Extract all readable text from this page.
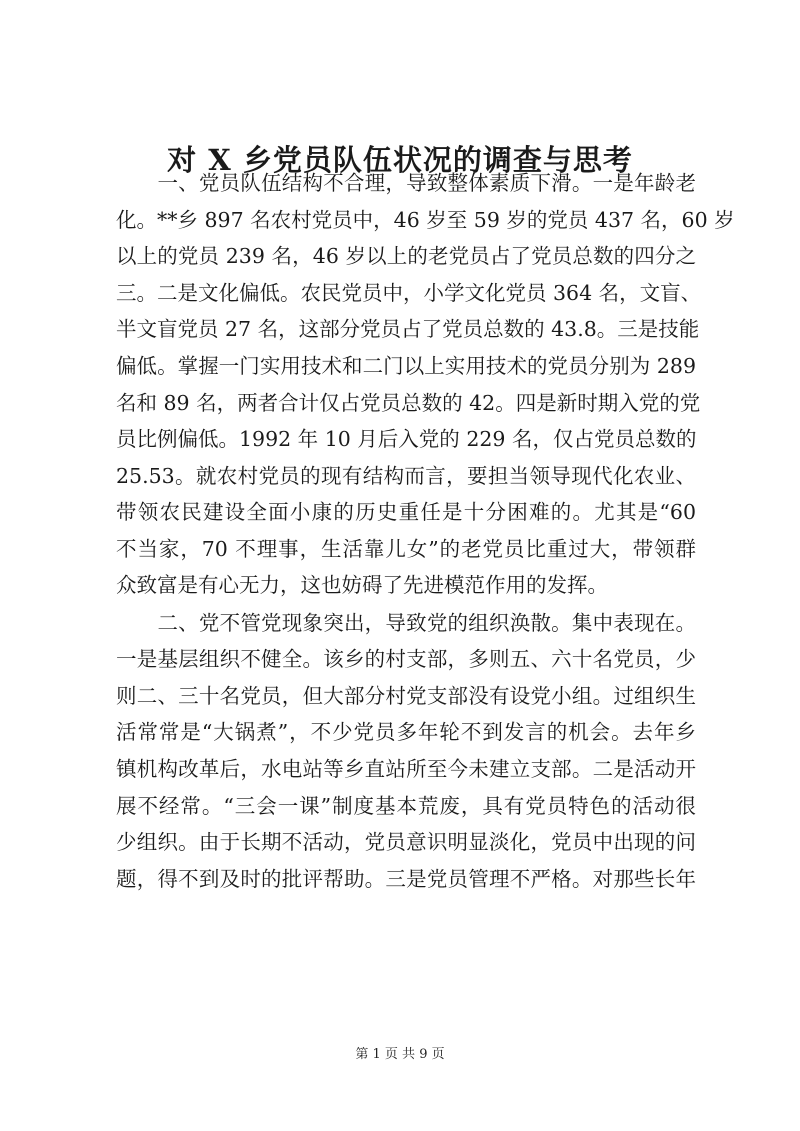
对 X 乡党员队伍状况的调查与思考
　　一、党员队伍结构不合理，导致整体素质下滑。一是年龄老
化。**乡 897 名农村党员中，46 岁至 59 岁的党员 437 名，60 岁
以上的党员 239 名，46 岁以上的老党员占了党员总数的四分之
三。二是文化偏低。农民党员中，小学文化党员 364 名，文盲、
半文盲党员 27 名，这部分党员占了党员总数的 43.8。三是技能
偏低。掌握一门实用技术和二门以上实用技术的党员分别为 289
名和 89 名，两者合计仅占党员总数的 42。四是新时期入党的党
员比例偏低。1992 年 10 月后入党的 229 名，仅占党员总数的
25.53。就农村党员的现有结构而言，要担当领导现代化农业、
带领农民建设全面小康的历史重任是十分困难的。尤其是“60
不当家，70 不理事，生活靠儿女”的老党员比重过大，带领群
众致富是有心无力，这也妨碍了先进模范作用的发挥。
　　二、党不管党现象突出，导致党的组织涣散。集中表现在。
一是基层组织不健全。该乡的村支部，多则五、六十名党员，少
则二、三十名党员，但大部分村党支部没有设党小组。过组织生
活常常是“大锅煮”，不少党员多年轮不到发言的机会。去年乡
镇机构改革后，水电站等乡直站所至今未建立支部。二是活动开
展不经常。“三会一课”制度基本荒废，具有党员特色的活动很
少组织。由于长期不活动，党员意识明显淡化，党员中出现的问
题，得不到及时的批评帮助。三是党员管理不严格。对那些长年
第 1 页 共 9 页
